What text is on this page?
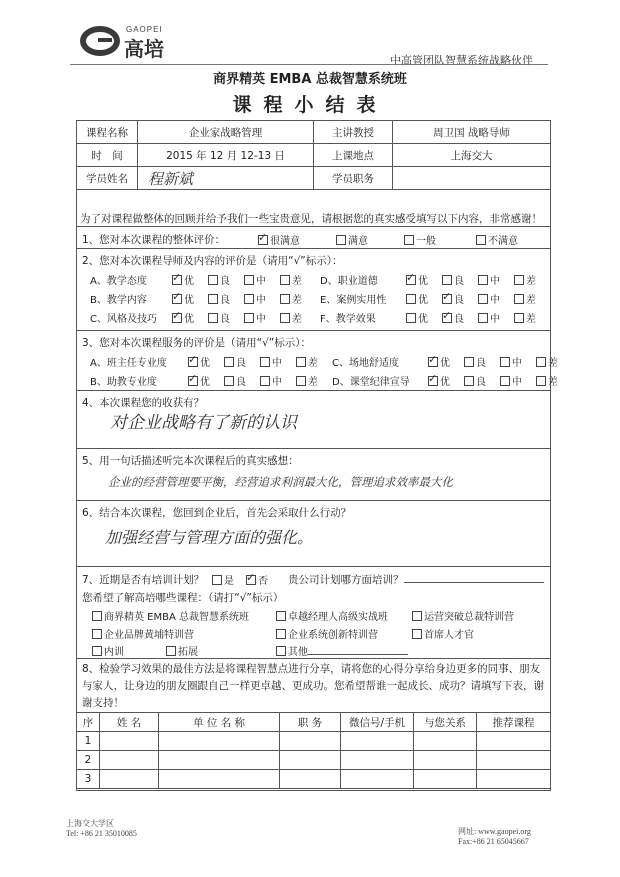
GAOPEI
高培	中高管团队智慧系统战略伙伴
商界精英 EMBA 总裁智慧系统班
课程小结表
课程名称	企业家战略管理	主讲教授	周卫国 战略导师
时　间	2015 年 12 月 12-13 日	上课地点	上海交大
学员姓名	程新斌	学员职务	
为了对课程做整体的回顾并给予我们一些宝贵意见，请根据您的真实感受填写以下内容，非常感谢！
1、您对本次课程的整体评价： ✓	很满意	满意	一般	不满意
2、您对本次课程导师及内容的评价是（请用“√”标示）：
A、教学态度 ✓	优	良	中	差
B、教学内容 ✓	优	良	中	差
C、风格及技巧 ✓	优	良	中	差
D、职业道德 ✓	优	良	中	差
E、案例实用性	优 ✓	良	中	差
F、教学效果	优 ✓	良	中	差
3、您对本次课程服务的评价是（请用“√”标示）：
A、班主任专业度 ✓	优	良	中	差
B、助教专业度 ✓	优	良	中	差
C、场地舒适度 ✓	优	良	中	差
D、课堂纪律宣导 ✓	优	良	中	差
4、本次课程您的收获有？
对企业战略有了新的认识
5、用一句话描述听完本次课程后的真实感想：
企业的经营管理要平衡，经营追求利润最大化，管理追求效率最大化
6、结合本次课程，您回到企业后，首先会采取什么行动？
加强经营与管理方面的强化。
7、近期是否有培训计划？	是 ✓	否 贵公司计划哪方面培训？
您希望了解高培哪些课程：（请打“√”标示）
商界精英 EMBA 总裁智慧系统班	卓越经理人高级实战班	运营突破总裁特训营
企业品牌黄埔特训营	企业系统创新特训营	首席人才官
内训	拓展	其他
8、检验学习效果的最佳方法是将课程智慧点进行分享，请将您的心得分享给身边更多的同事、朋友与家人，让身边的朋友圈跟自己一样更卓越、更成功。您希望帮谁一起成长、成功？请填写下表，谢谢支持！
序	姓 名	单 位 名 称	职 务	微信号/手机	与您关系	推荐课程
1						
2						
3						
上海交大学区
Tel: +86 21 35010085	网址: www.gaopei.org
Fax:+86 21 65045667
